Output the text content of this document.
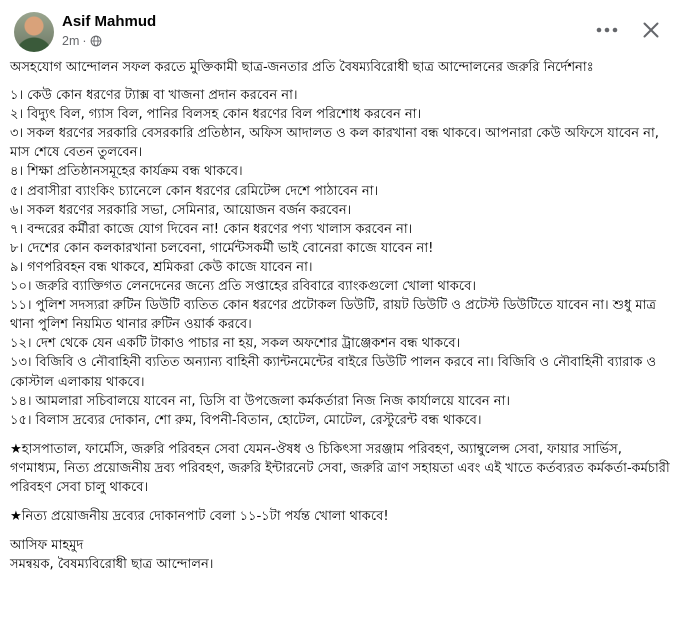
Asif Mahmud
2m ·

অসহযোগ আন্দোলন সফল করতে মুক্তিকামী ছাত্র-জনতার প্রতি বৈষম্যবিরোধী ছাত্র আন্দোলনের জরুরি নির্দেশনাঃ

১। কেউ কোন ধরণের ট্যাক্স বা খাজনা প্রদান করবেন না।

২। বিদ্যুৎ বিল, গ্যাস বিল, পানির বিলসহ কোন ধরণের বিল পরিশোধ করবেন না।

৩। সকল ধরণের সরকারি বেসরকারি প্রতিষ্ঠান, অফিস আদালত ও কল কারখানা বন্ধ থাকবে। আপনারা কেউ অফিসে যাবেন না, মাস শেষে বেতন তুলবেন।

৪। শিক্ষা প্রতিষ্ঠানসমূহের কার্যক্রম বন্ধ থাকবে।

৫। প্রবাসীরা ব্যাংকিং চ্যানেলে কোন ধরণের রেমিটেন্স দেশে পাঠাবেন না।

৬। সকল ধরণের সরকারি সভা, সেমিনার, আয়োজন বর্জন করবেন।

৭। বন্দরের কর্মীরা কাজে যোগ দিবেন না! কোন ধরণের পণ্য খালাস করবেন না।

৮। দেশের কোন কলকারখানা চলবেনা, গার্মেন্টসকর্মী ভাই বোনেরা কাজে যাবেন না!

৯। গণপরিবহন বন্ধ থাকবে, শ্রমিকরা কেউ কাজে যাবেন না।

১০। জরুরি ব্যাক্তিগত লেনদেনের জন্যে প্রতি সপ্তাহের রবিবারে ব্যাংকগুলো খোলা থাকবে।

১১। পুলিশ সদস্যরা রুটিন ডিউটি ব্যতিত কোন ধরণের প্রটোকল ডিউটি, রায়ট ডিউটি ও প্রটেস্ট ডিউটিতে যাবেন না। শুধু মাত্র থানা পুলিশ নিয়মিত থানার রুটিন ওয়ার্ক করবে।

১২। দেশ থেকে যেন একটি টাকাও পাচার না হয়, সকল অফশোর ট্রাঞ্জেকশন বন্ধ থাকবে।

১৩। বিজিবি ও নৌবাহিনী ব্যতিত অন্যান্য বাহিনী ক্যান্টনমেন্টের বাইরে ডিউটি পালন করবে না। বিজিবি ও নৌবাহিনী ব্যারাক ও কোস্টাল এলাকায় থাকবে।

১৪। আমলারা সচিবালয়ে যাবেন না, ডিসি বা উপজেলা কর্মকর্তারা নিজ নিজ কার্যালয়ে যাবেন না।

১৫। বিলাস দ্রব্যের দোকান, শো রুম, বিপনী-বিতান, হোটেল, মোটেল, রেস্টুরেন্ট বন্ধ থাকবে।

★হাসপাতাল, ফার্মেসি, জরুরি পরিবহন সেবা যেমন-ঔষধ ও চিকিৎসা সরঞ্জাম পরিবহণ, অ্যাম্বুলেন্স সেবা, ফায়ার সার্ভিস, গণমাধ্যম, নিত্য প্রয়োজনীয় দ্রব্য পরিবহণ, জরুরি ইন্টারনেট সেবা, জরুরি ত্রাণ সহায়তা এবং এই খাতে কর্তব্যরত কর্মকর্তা-কর্মচারী পরিবহণ সেবা চালু থাকবে।

★নিত্য প্রয়োজনীয় দ্রব্যের দোকানপাট বেলা ১১-১টা পর্যন্ত খোলা থাকবে!

আসিফ মাহমুদ

সমন্বয়ক, বৈষম্যবিরোধী ছাত্র আন্দোলন।
